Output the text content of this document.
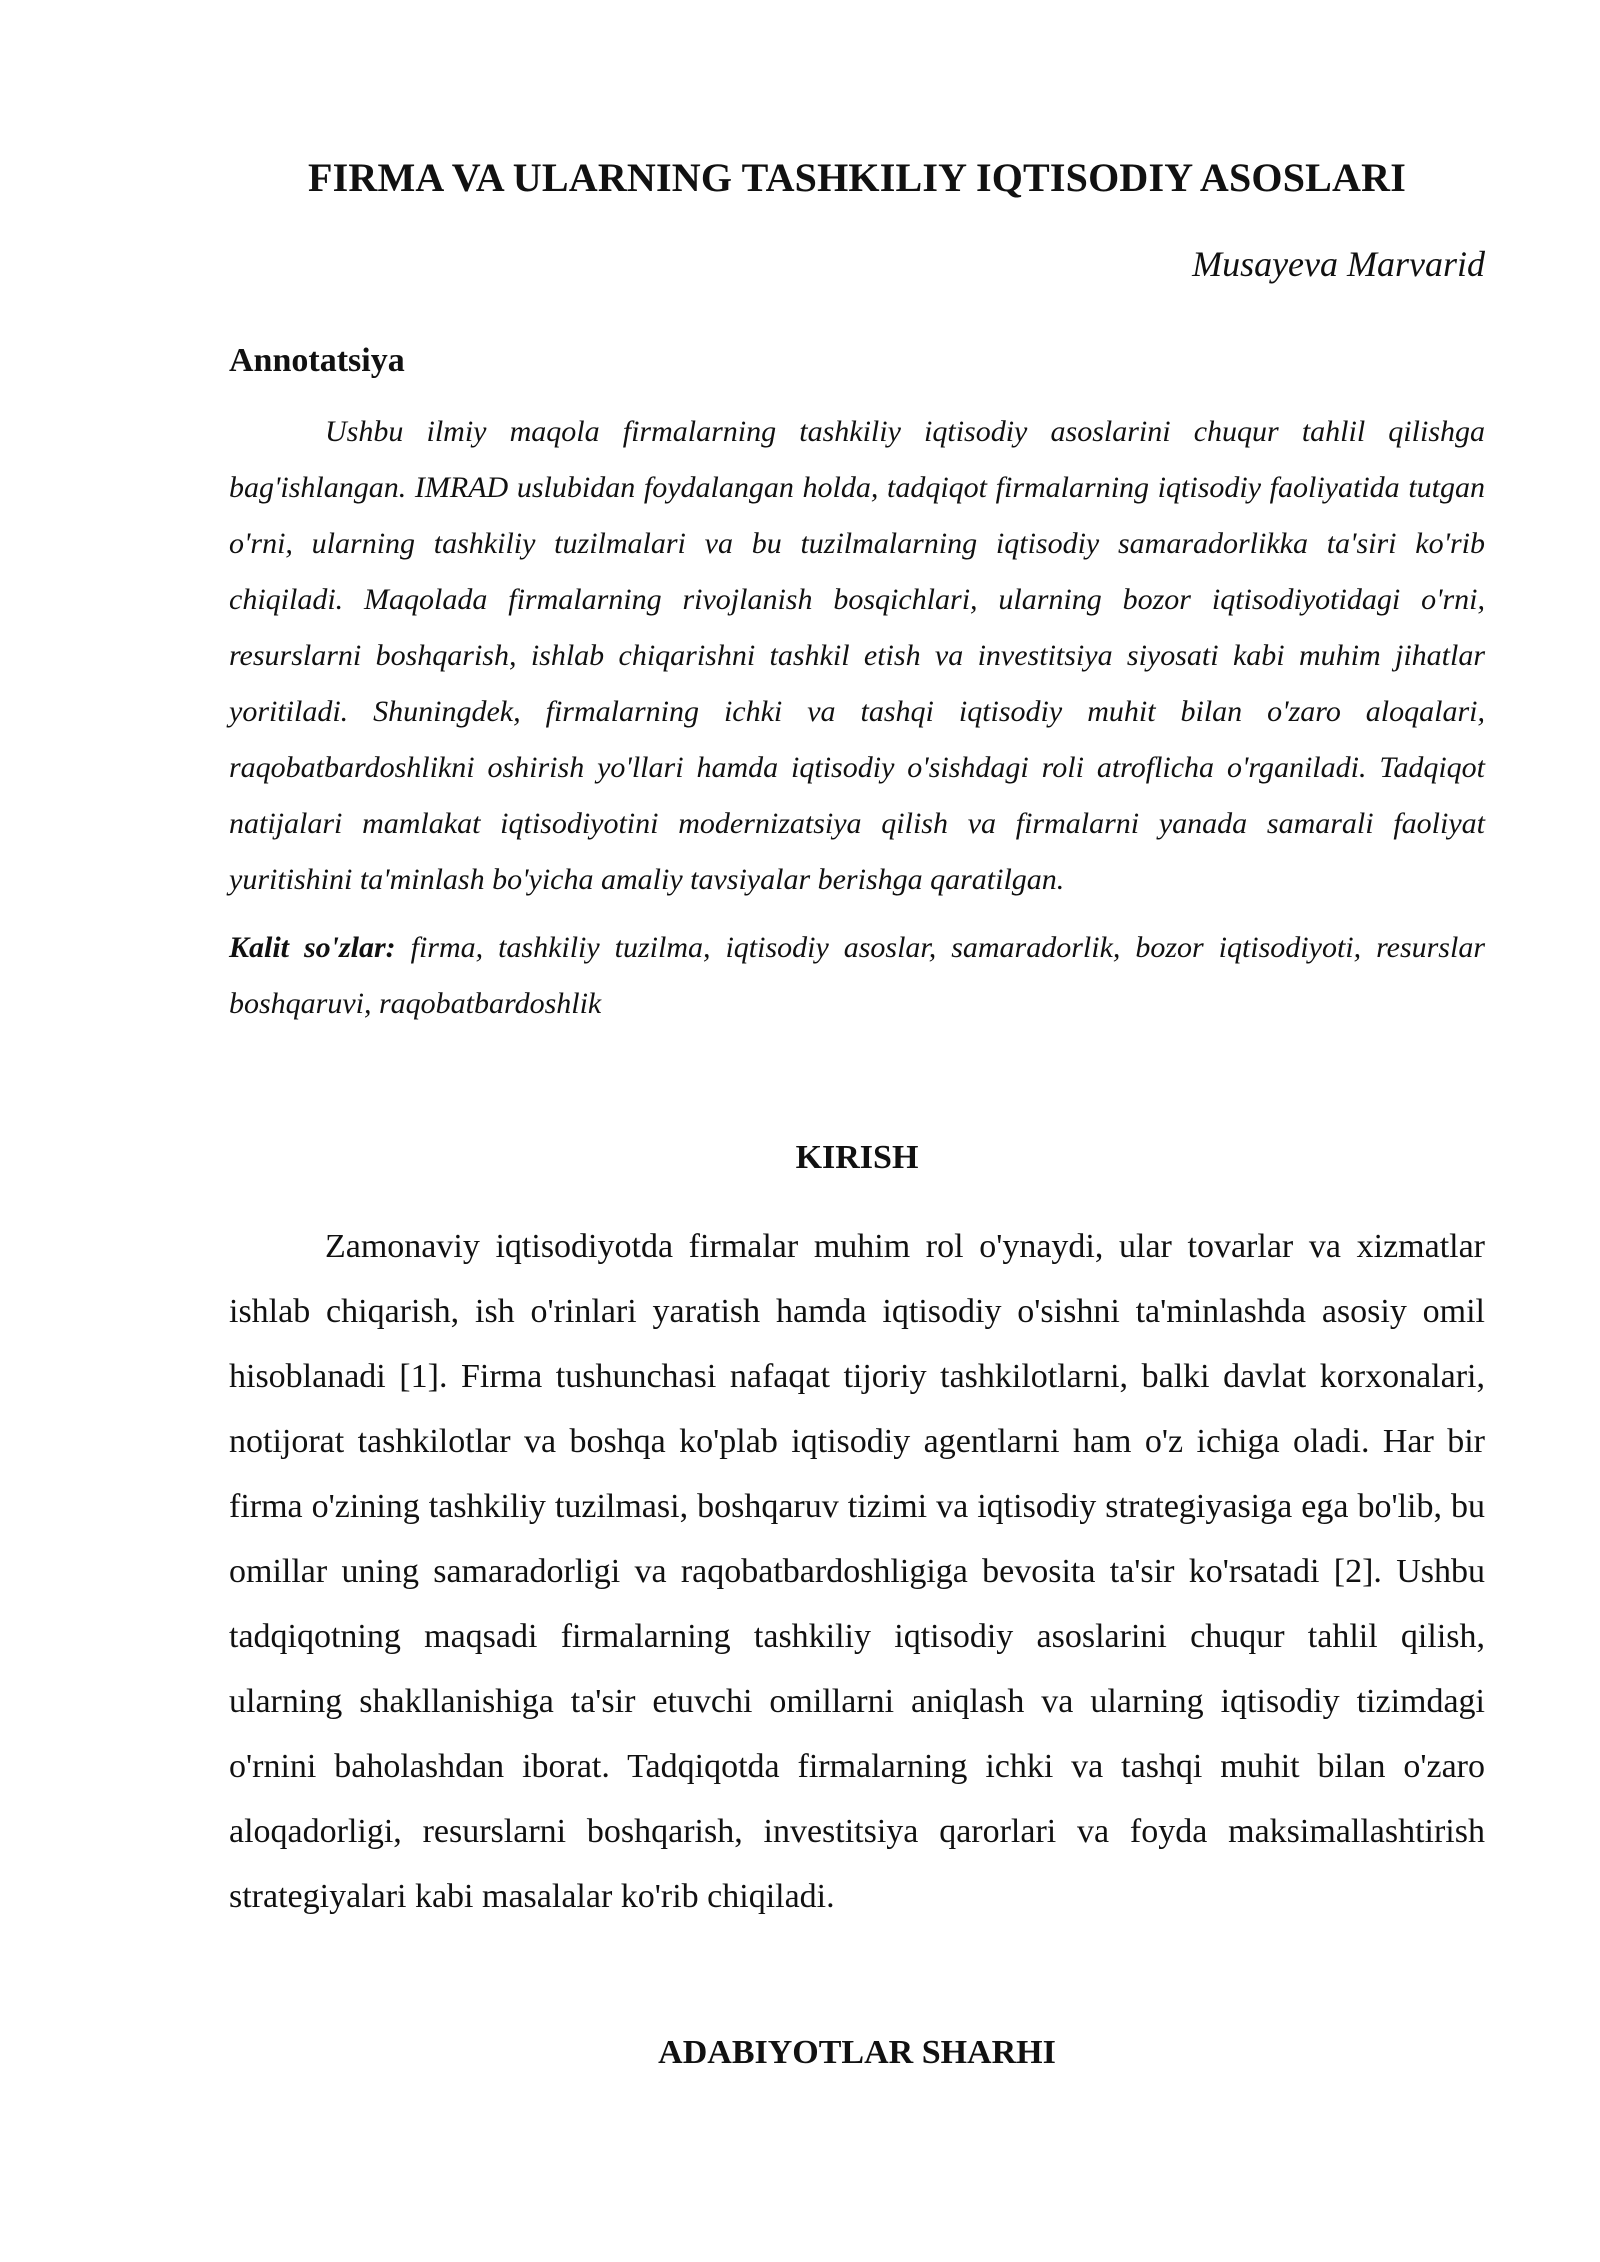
FIRMA VA ULARNING TASHKILIY IQTISODIY ASOSLARI

Musayeva Marvarid

Annotatsiya

Ushbu ilmiy maqola firmalarning tashkiliy iqtisodiy asoslarini chuqur tahlil qilishga bag'ishlangan. IMRAD uslubidan foydalangan holda, tadqiqot firmalarning iqtisodiy faoliyatida tutgan o'rni, ularning tashkiliy tuzilmalari va bu tuzilmalarning iqtisodiy samaradorlikka ta'siri ko'rib chiqiladi. Maqolada firmalarning rivojlanish bosqichlari, ularning bozor iqtisodiyotidagi o'rni, resurslarni boshqarish, ishlab chiqarishni tashkil etish va investitsiya siyosati kabi muhim jihatlar yoritiladi. Shuningdek, firmalarning ichki va tashqi iqtisodiy muhit bilan o'zaro aloqalari, raqobatbardoshlikni oshirish yo'llari hamda iqtisodiy o'sishdagi roli atroflicha o'rganiladi. Tadqiqot natijalari mamlakat iqtisodiyotini modernizatsiya qilish va firmalarni yanada samarali faoliyat yuritishini ta'minlash bo'yicha amaliy tavsiyalar berishga qaratilgan.

Kalit so'zlar: firma, tashkiliy tuzilma, iqtisodiy asoslar, samaradorlik, bozor iqtisodiyoti, resurslar boshqaruvi, raqobatbardoshlik

KIRISH

Zamonaviy iqtisodiyotda firmalar muhim rol o'ynaydi, ular tovarlar va xizmatlar ishlab chiqarish, ish o'rinlari yaratish hamda iqtisodiy o'sishni ta'minlashda asosiy omil hisoblanadi [1]. Firma tushunchasi nafaqat tijoriy tashkilotlarni, balki davlat korxonalari, notijorat tashkilotlar va boshqa ko'plab iqtisodiy agentlarni ham o'z ichiga oladi. Har bir firma o'zining tashkiliy tuzilmasi, boshqaruv tizimi va iqtisodiy strategiyasiga ega bo'lib, bu omillar uning samaradorligi va raqobatbardoshligiga bevosita ta'sir ko'rsatadi [2]. Ushbu tadqiqotning maqsadi firmalarning tashkiliy iqtisodiy asoslarini chuqur tahlil qilish, ularning shakllanishiga ta'sir etuvchi omillarni aniqlash va ularning iqtisodiy tizimdagi o'rnini baholashdan iborat. Tadqiqotda firmalarning ichki va tashqi muhit bilan o'zaro aloqadorligi, resurslarni boshqarish, investitsiya qarorlari va foyda maksimallashtirish strategiyalari kabi masalalar ko'rib chiqiladi.

ADABIYOTLAR SHARHI
